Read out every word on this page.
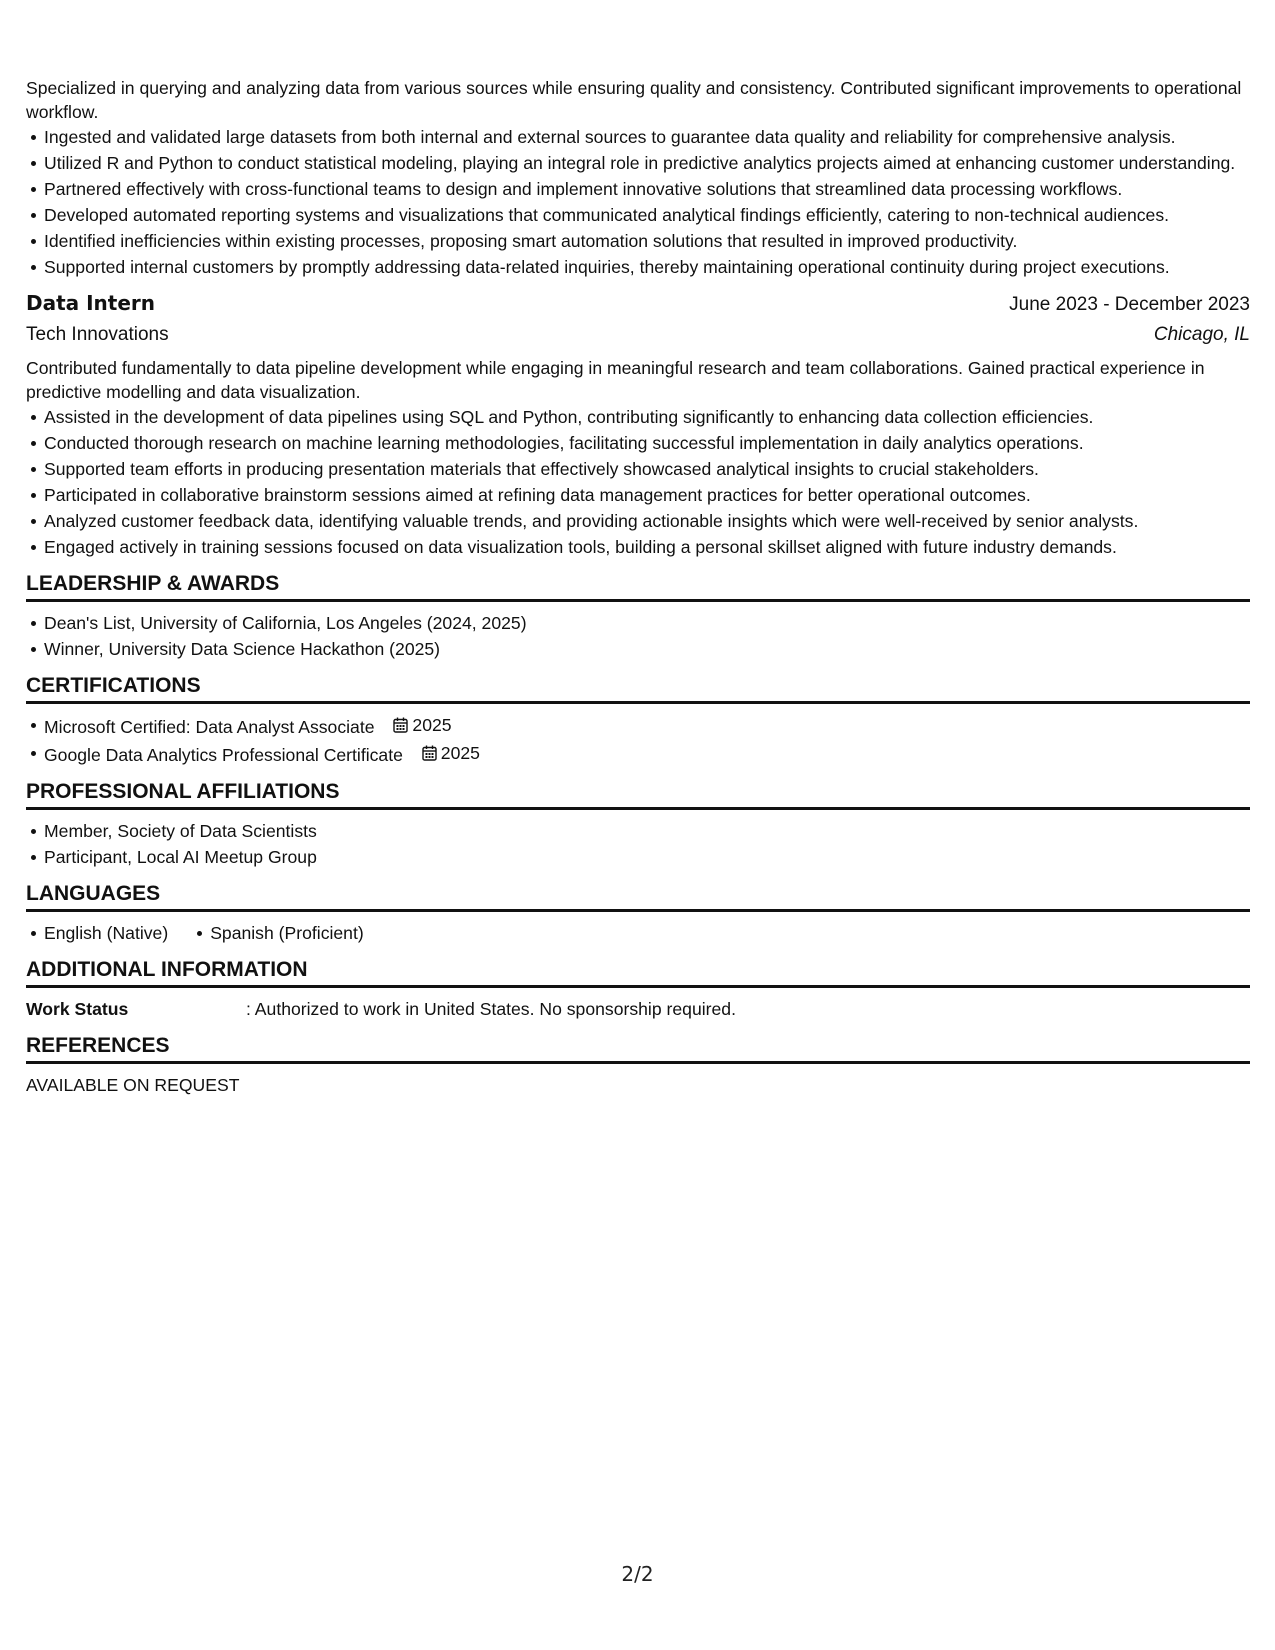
Specialized in querying and analyzing data from various sources while ensuring quality and consistency. Contributed significant improvements to operational workflow.

Ingested and validated large datasets from both internal and external sources to guarantee data quality and reliability for comprehensive analysis.
Utilized R and Python to conduct statistical modeling, playing an integral role in predictive analytics projects aimed at enhancing customer understanding.
Partnered effectively with cross-functional teams to design and implement innovative solutions that streamlined data processing workflows.
Developed automated reporting systems and visualizations that communicated analytical findings efficiently, catering to non-technical audiences.
Identified inefficiencies within existing processes, proposing smart automation solutions that resulted in improved productivity.
Supported internal customers by promptly addressing data-related inquiries, thereby maintaining operational continuity during project executions.
Data Intern	June 2023 - December 2023
Tech Innovations	Chicago, IL

Contributed fundamentally to data pipeline development while engaging in meaningful research and team collaborations. Gained practical experience in predictive modelling and data visualization.

Assisted in the development of data pipelines using SQL and Python, contributing significantly to enhancing data collection efficiencies.
Conducted thorough research on machine learning methodologies, facilitating successful implementation in daily analytics operations.
Supported team efforts in producing presentation materials that effectively showcased analytical insights to crucial stakeholders.
Participated in collaborative brainstorm sessions aimed at refining data management practices for better operational outcomes.
Analyzed customer feedback data, identifying valuable trends, and providing actionable insights which were well-received by senior analysts.
Engaged actively in training sessions focused on data visualization tools, building a personal skillset aligned with future industry demands.
LEADERSHIP & AWARDS
Dean's List, University of California, Los Angeles (2024, 2025)
Winner, University Data Science Hackathon (2025)
CERTIFICATIONS
Microsoft Certified: Data Analyst Associate 2025
Google Data Analytics Professional Certificate 2025
PROFESSIONAL AFFILIATIONS
Member, Society of Data Scientists
Participant, Local AI Meetup Group
LANGUAGES
English (Native) Spanish (Proficient)
ADDITIONAL INFORMATION
Work Status	: Authorized to work in United States. No sponsorship required.
REFERENCES
AVAILABLE ON REQUEST
2/2
